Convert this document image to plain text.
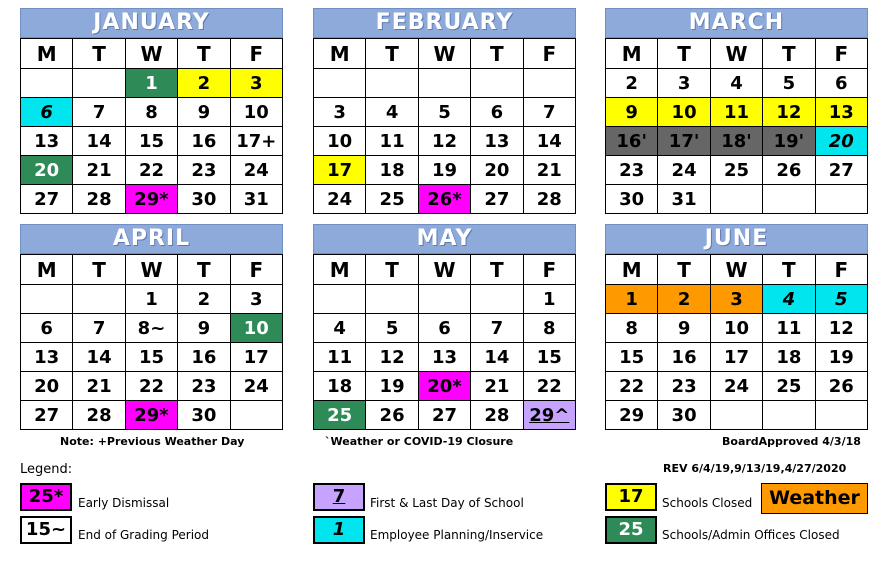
JANUARY
M	T	W	T	F
		1	2	3
6	7	8	9	10
13	14	15	16	17+
20	21	22	23	24
27	28	29*	30	31
FEBRUARY
M	T	W	T	F

3	4	5	6	7
10	11	12	13	14
17	18	19	20	21
24	25	26*	27	28
MARCH
M	T	W	T	F
2	3	4	5	6
9	10	11	12	13
16'	17'	18'	19'	20
23	24	25	26	27
30	31			
APRIL
M	T	W	T	F
		1	2	3
6	7	8~	9	10
13	14	15	16	17
20	21	22	23	24
27	28	29*	30	
MAY
M	T	W	T	F
				1
4	5	6	7	8
11	12	13	14	15
18	19	20*	21	22
25	26	27	28	29^
JUNE
M	T	W	T	F
1	2	3	4	5
8	9	10	11	12
15	16	17	18	19
22	23	24	25	26
29	30			
Note: +Previous Weather Day	`Weather or COVID-19 Closure	BoardApproved 4/3/18
REV 6/4/19,9/13/19,4/27/2020
Legend:
25*	Early Dismissal
15~ End of Grading Period
7	First & Last Day of School
1	Employee Planning/Inservice
17	Schools Closed
25	Schools/Admin Offices Closed
Weather
